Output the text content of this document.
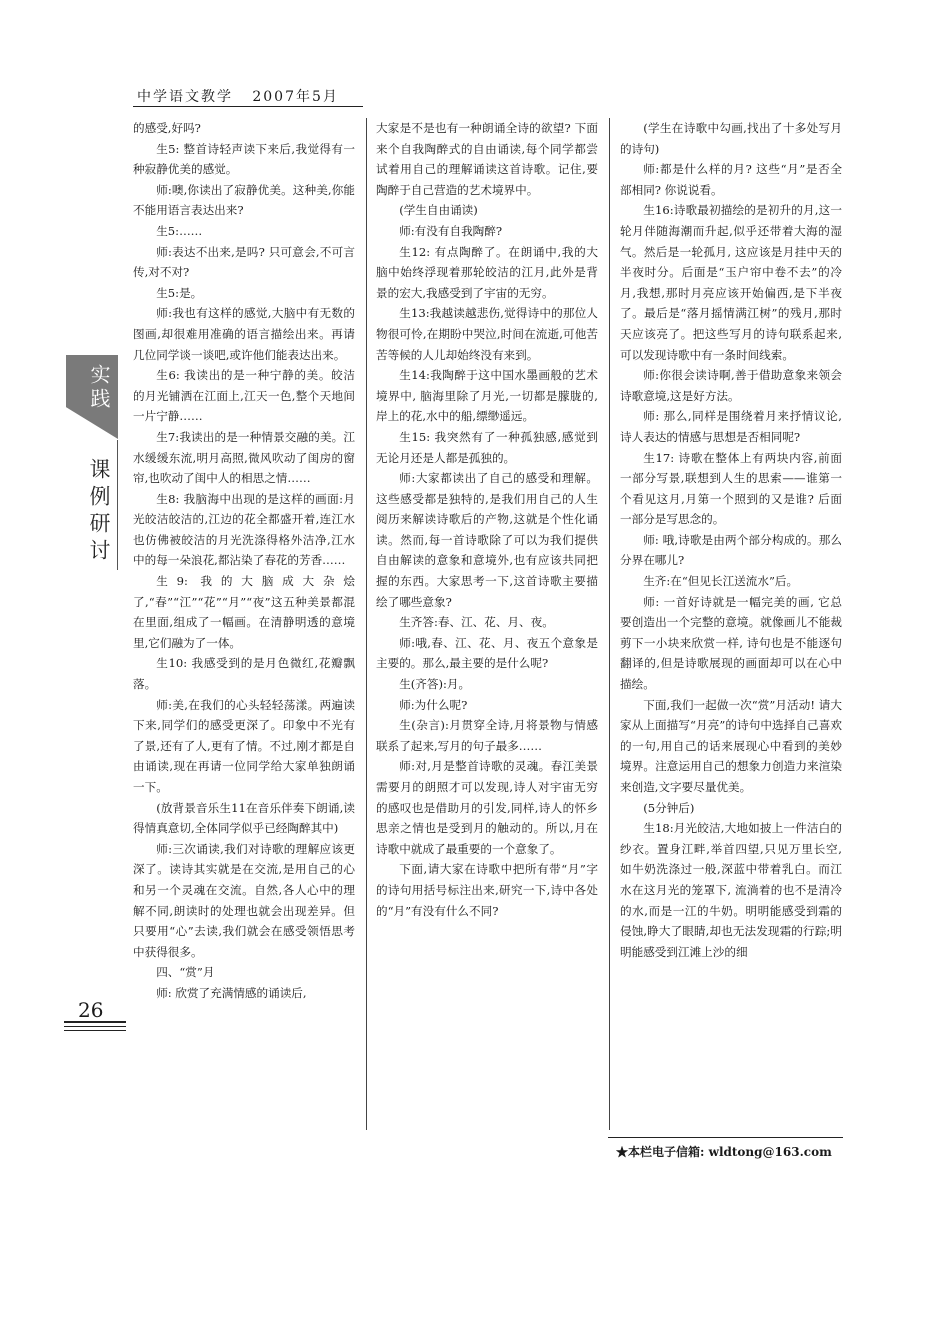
中学语文教学 2007年5月
实践
课例研讨

的感受,好吗?

生5: 整首诗轻声读下来后,我觉得有一种寂静优美的感觉。

师:噢,你读出了寂静优美。这种美,你能不能用语言表达出来?

生5:……

师:表达不出来,是吗? 只可意会,不可言传,对不对?

生5:是。

师:我也有这样的感觉,大脑中有无数的图画,却很难用准确的语言描绘出来。再请几位同学谈一谈吧,或许他们能表达出来。

生6: 我读出的是一种宁静的美。皎洁的月光铺洒在江面上,江天一色,整个天地间一片宁静……

生7:我读出的是一种情景交融的美。江水缓缓东流,明月高照,微风吹动了闺房的窗帘,也吹动了闺中人的相思之情……

生8: 我脑海中出现的是这样的画面:月光皎洁皎洁的,江边的花全都盛开着,连江水也仿佛被皎洁的月光洗涤得格外洁净,江水中的每一朵浪花,都沾染了春花的芳香……

生9: 我的大脑成大杂烩了,“春”“江”“花”“月”“夜”这五种美景都混在里面,组成了一幅画。在清静明透的意境里,它们融为了一体。

生10: 我感受到的是月色微红,花瓣飘落。

师:美,在我们的心头轻轻荡漾。两遍读下来,同学们的感受更深了。印象中不光有了景,还有了人,更有了情。不过,刚才都是自由诵读,现在再请一位同学给大家单独朗诵一下。

(放背景音乐生11在音乐伴奏下朗诵,读得情真意切,全体同学似乎已经陶醉其中)

师:三次诵读,我们对诗歌的理解应该更深了。读诗其实就是在交流,是用自己的心和另一个灵魂在交流。自然,各人心中的理解不同,朗读时的处理也就会出现差异。但只要用“心”去读,我们就会在感受领悟思考中获得很多。

四、“赏”月

师: 欣赏了充满情感的诵读后,

大家是不是也有一种朗诵全诗的欲望? 下面来个自我陶醉式的自由诵读,每个同学都尝试着用自己的理解诵读这首诗歌。记住,要陶醉于自己营造的艺术境界中。

(学生自由诵读)

师:有没有自我陶醉?

生12: 有点陶醉了。在朗诵中,我的大脑中始终浮现着那轮皎洁的江月,此外是背景的宏大,我感受到了宇宙的无穷。

生13:我越读越悲伤,觉得诗中的那位人物很可怜,在期盼中哭泣,时间在流逝,可他苦苦等候的人儿却始终没有来到。

生14:我陶醉于这中国水墨画般的艺术境界中, 脑海里除了月光,一切都是朦胧的,岸上的花,水中的船,缥缈遥远。

生15: 我突然有了一种孤独感,感觉到无论月还是人都是孤独的。

师:大家都读出了自己的感受和理解。这些感受都是独特的,是我们用自己的人生阅历来解读诗歌后的产物,这就是个性化诵读。然而,每一首诗歌除了可以为我们提供自由解读的意象和意境外,也有应该共同把握的东西。大家思考一下,这首诗歌主要描绘了哪些意象?

生齐答:春、江、花、月、夜。

师:哦,春、江、花、月、夜五个意象是主要的。那么,最主要的是什么呢?

生(齐答):月。

师:为什么呢?

生(杂言):月贯穿全诗,月将景物与情感联系了起来,写月的句子最多……

师:对,月是整首诗歌的灵魂。春江美景需要月的朗照才可以发现,诗人对宇宙无穷的感叹也是借助月的引发,同样,诗人的怀乡思亲之情也是受到月的触动的。所以,月在诗歌中就成了最重要的一个意象了。

下面,请大家在诗歌中把所有带“月”字的诗句用括号标注出来,研究一下,诗中各处的“月”有没有什么不同?

(学生在诗歌中勾画,找出了十多处写月的诗句)

师:都是什么样的月? 这些“月”是否全部相同? 你说说看。

生16:诗歌最初描绘的是初升的月,这一轮月伴随海潮而升起,似乎还带着大海的湿气。然后是一轮孤月, 这应该是月挂中天的半夜时分。后面是“玉户帘中卷不去”的冷月,我想,那时月亮应该开始偏西,是下半夜了。最后是“落月摇情满江树”的残月,那时天应该亮了。把这些写月的诗句联系起来,可以发现诗歌中有一条时间线索。

师:你很会读诗啊,善于借助意象来领会诗歌意境,这是好方法。

师: 那么,同样是围绕着月来抒情议论,诗人表达的情感与思想是否相同呢?

生17: 诗歌在整体上有两块内容,前面一部分写景,联想到人生的思索——谁第一个看见这月,月第一个照到的又是谁? 后面一部分是写思念的。

师: 哦,诗歌是由两个部分构成的。那么分界在哪儿?

生齐:在“但见长江送流水”后。

师: 一首好诗就是一幅完美的画, 它总要创造出一个完整的意境。就像画儿不能裁剪下一小块来欣赏一样, 诗句也是不能逐句翻译的,但是诗歌展现的画面却可以在心中描绘。

下面,我们一起做一次“赏”月活动! 请大家从上面描写“月亮”的诗句中选择自己喜欢的一句,用自己的话来展现心中看到的美妙境界。注意运用自己的想象力创造力来渲染来创造,文字要尽量优美。

(5分钟后)

生18:月光皎洁,大地如披上一件洁白的纱衣。置身江畔,举首四望,只见万里长空, 如牛奶洗涤过一般,深蓝中带着乳白。而江水在这月光的笼罩下, 流淌着的也不是清冷的水,而是一江的牛奶。明明能感受到霜的侵蚀,睁大了眼睛,却也无法发现霜的行踪;明明能感受到江滩上沙的细

26
★本栏电子信箱: wldtong@163.com
